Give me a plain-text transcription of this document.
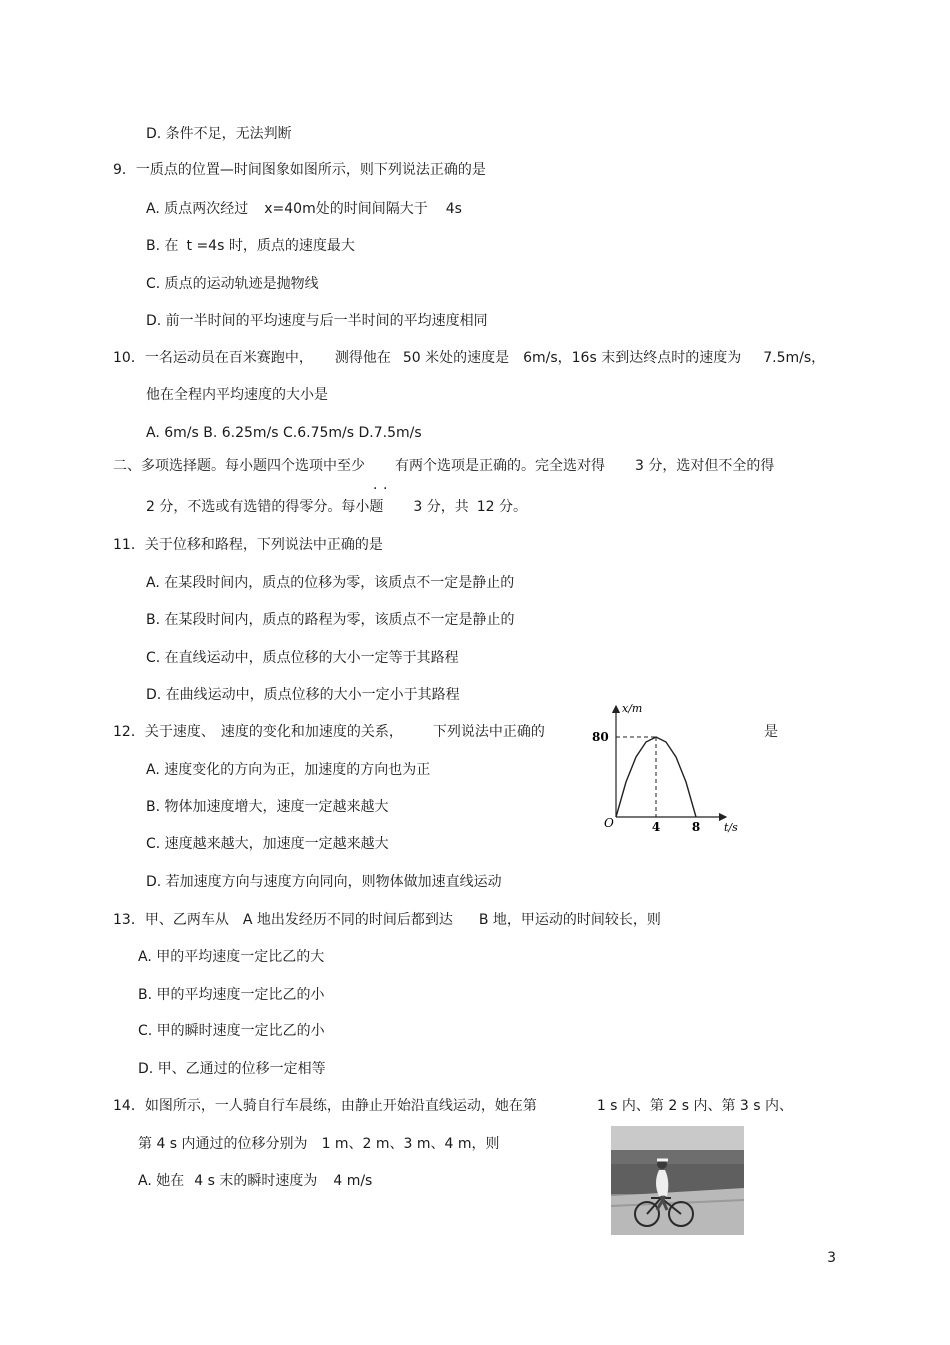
D. 条件不足，无法判断
9．一质点的位置—时间图象如图所示，则下列说法正确的是
A. 质点两次经过 x=40m处的时间间隔大于 4s
B. 在 t =4s 时，质点的速度最大
C. 质点的运动轨迹是抛物线
D. 前一半时间的平均速度与后一半时间的平均速度相同
10．一名运动员在百米赛跑中， 测得他在 50 米处的速度是 6m/s，16s 末到达终点时的速度为 7.5m/s，
他在全程内平均速度的大小是
A. 6m/s B. 6.25m/s C.6.75m/s D.7.5m/s
二、多项选择题。每小题四个选项中至少 有两个选项是正确的。完全选对得 3 分，选对但不全的得
2 分，不选或有选错的得零分。每小题 3 分，共 12 分。
11．关于位移和路程，下列说法中正确的是
A. 在某段时间内，质点的位移为零，该质点不一定是静止的
B. 在某段时间内，质点的路程为零，该质点不一定是静止的
C. 在直线运动中，质点位移的大小一定等于其路程
D. 在曲线运动中，质点位移的大小一定小于其路程
12．关于速度、 速度的变化和加速度的关系， 下列说法中正确的	是
A. 速度变化的方向为正，加速度的方向也为正
B. 物体加速度增大，速度一定越来越大
C. 速度越来越大，加速度一定越来越大
D. 若加速度方向与速度方向同向，则物体做加速直线运动
x/m
t/s
O
80
4	8
13．甲、乙两车从 A 地出发经历不同的时间后都到达 B 地，甲运动的时间较长，则
A. 甲的平均速度一定比乙的大
B. 甲的平均速度一定比乙的小
C. 甲的瞬时速度一定比乙的小
D. 甲、乙通过的位移一定相等
14．如图所示，一人骑自行车晨练，由静止开始沿直线运动，她在第	1 s 内、第 2 s 内、第 3 s 内、
第 4 s 内通过的位移分别为 1 m、2 m、3 m、4 m，则
A. 她在 4 s 末的瞬时速度为 4 m/s
3
